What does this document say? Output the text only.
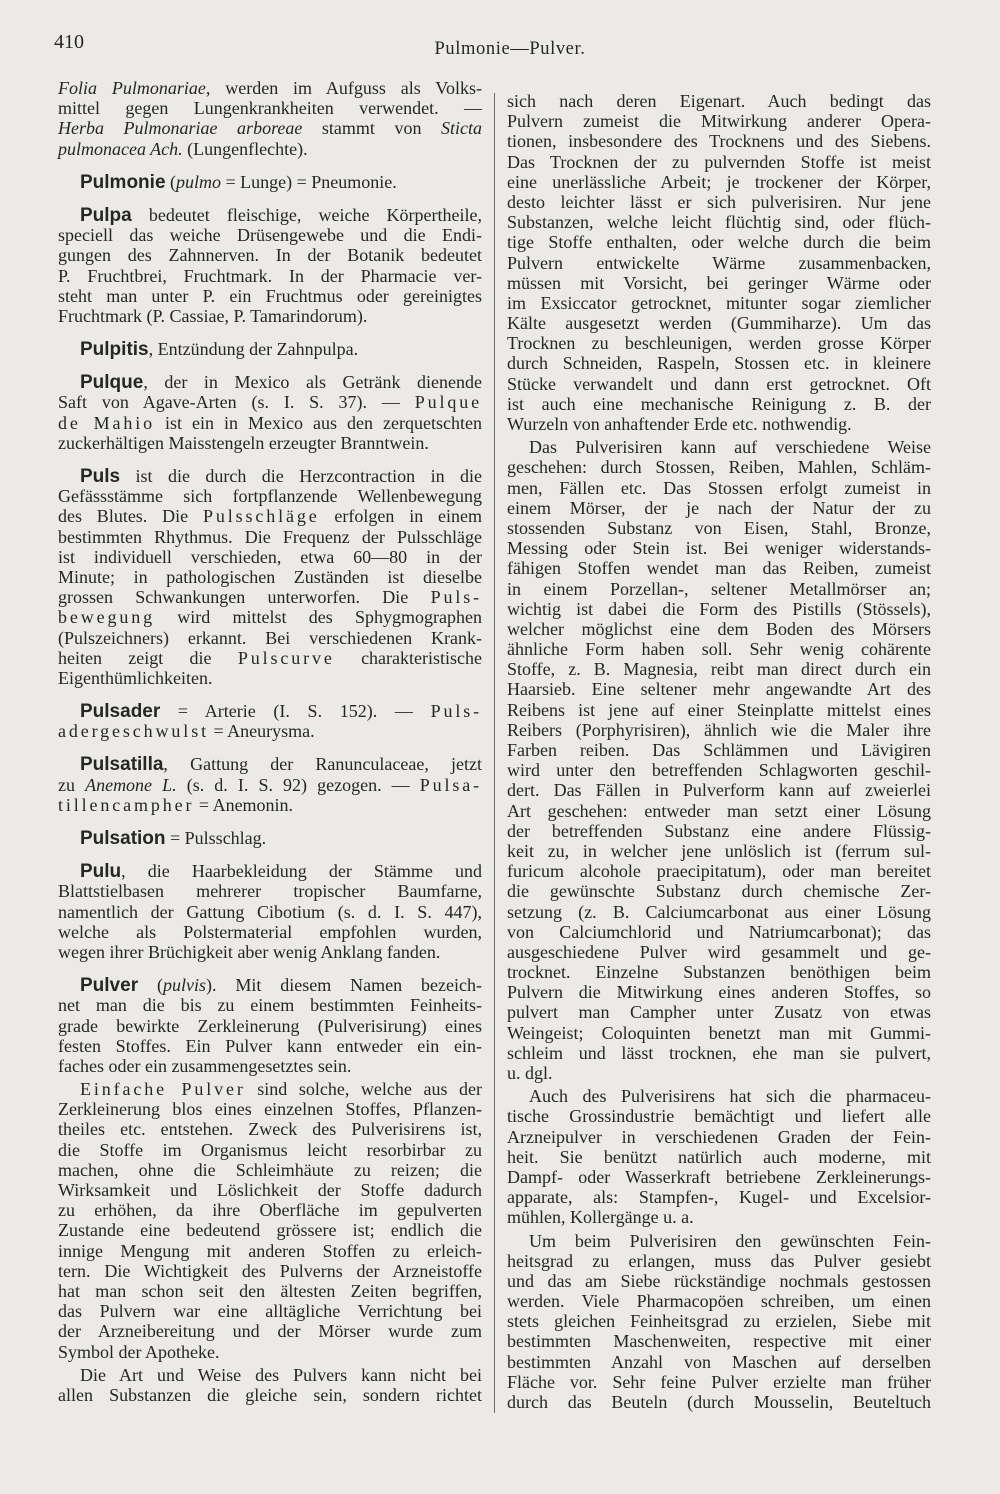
410	Pulmonie—Pulver.
Folia Pulmonariae, werden im Aufguss als Volks-
mittel gegen Lungenkrankheiten verwendet. —
Herba Pulmonariae arboreae stammt von Sticta
pulmonacea Ach. (Lungenflechte).
Pulmonie (pulmo = Lunge) = Pneumonie.
Pulpa bedeutet fleischige, weiche Körpertheile,
speciell das weiche Drüsengewebe und die Endi-
gungen des Zahnnerven. In der Botanik bedeutet
P. Fruchtbrei, Fruchtmark. In der Pharmacie ver-
steht man unter P. ein Fruchtmus oder gereinigtes
Fruchtmark (P. Cassiae, P. Tamarindorum).
Pulpitis, Entzündung der Zahnpulpa.
Pulque, der in Mexico als Getränk dienende
Saft von Agave-Arten (s. I. S. 37). — Pulque
de Mahio ist ein in Mexico aus den zerquetschten
zuckerhältigen Maisstengeln erzeugter Branntwein.
Puls ist die durch die Herzcontraction in die
Gefässstämme sich fortpflanzende Wellenbewegung
des Blutes. Die Pulsschläge erfolgen in einem
bestimmten Rhythmus. Die Frequenz der Pulsschläge
ist individuell verschieden, etwa 60—80 in der
Minute; in pathologischen Zuständen ist dieselbe
grossen Schwankungen unterworfen. Die Puls-
bewegung wird mittelst des Sphygmographen
(Pulszeichners) erkannt. Bei verschiedenen Krank-
heiten zeigt die Pulscurve charakteristische
Eigenthümlichkeiten.
Pulsader = Arterie (I. S. 152). — Puls-
adergeschwulst = Aneurysma.
Pulsatilla, Gattung der Ranunculaceae, jetzt
zu Anemone L. (s. d. I. S. 92) gezogen. — Pulsa-
tillencampher = Anemonin.
Pulsation = Pulsschlag.
Pulu, die Haarbekleidung der Stämme und
Blattstielbasen mehrerer tropischer Baumfarne,
namentlich der Gattung Cibotium (s. d. I. S. 447),
welche als Polstermaterial empfohlen wurden,
wegen ihrer Brüchigkeit aber wenig Anklang fanden.
Pulver (pulvis). Mit diesem Namen bezeich-
net man die bis zu einem bestimmten Feinheits-
grade bewirkte Zerkleinerung (Pulverisirung) eines
festen Stoffes. Ein Pulver kann entweder ein ein-
faches oder ein zusammengesetztes sein.
Einfache Pulver sind solche, welche aus der
Zerkleinerung blos eines einzelnen Stoffes, Pflanzen-
theiles etc. entstehen. Zweck des Pulverisirens ist,
die Stoffe im Organismus leicht resorbirbar zu
machen, ohne die Schleimhäute zu reizen; die
Wirksamkeit und Löslichkeit der Stoffe dadurch
zu erhöhen, da ihre Oberfläche im gepulverten
Zustande eine bedeutend grössere ist; endlich die
innige Mengung mit anderen Stoffen zu erleich-
tern. Die Wichtigkeit des Pulverns der Arzneistoffe
hat man schon seit den ältesten Zeiten begriffen,
das Pulvern war eine alltägliche Verrichtung bei
der Arzneibereitung und der Mörser wurde zum
Symbol der Apotheke.
Die Art und Weise des Pulvers kann nicht bei
allen Substanzen die gleiche sein, sondern richtet
sich nach deren Eigenart. Auch bedingt das
Pulvern zumeist die Mitwirkung anderer Opera-
tionen, insbesondere des Trocknens und des Siebens.
Das Trocknen der zu pulvernden Stoffe ist meist
eine unerlässliche Arbeit; je trockener der Körper,
desto leichter lässt er sich pulverisiren. Nur jene
Substanzen, welche leicht flüchtig sind, oder flüch-
tige Stoffe enthalten, oder welche durch die beim
Pulvern entwickelte Wärme zusammenbacken,
müssen mit Vorsicht, bei geringer Wärme oder
im Exsiccator getrocknet, mitunter sogar ziemlicher
Kälte ausgesetzt werden (Gummiharze). Um das
Trocknen zu beschleunigen, werden grosse Körper
durch Schneiden, Raspeln, Stossen etc. in kleinere
Stücke verwandelt und dann erst getrocknet. Oft
ist auch eine mechanische Reinigung z. B. der
Wurzeln von anhaftender Erde etc. nothwendig.
Das Pulverisiren kann auf verschiedene Weise
geschehen: durch Stossen, Reiben, Mahlen, Schläm-
men, Fällen etc. Das Stossen erfolgt zumeist in
einem Mörser, der je nach der Natur der zu
stossenden Substanz von Eisen, Stahl, Bronze,
Messing oder Stein ist. Bei weniger widerstands-
fähigen Stoffen wendet man das Reiben, zumeist
in einem Porzellan-, seltener Metallmörser an;
wichtig ist dabei die Form des Pistills (Stössels),
welcher möglichst eine dem Boden des Mörsers
ähnliche Form haben soll. Sehr wenig cohärente
Stoffe, z. B. Magnesia, reibt man direct durch ein
Haarsieb. Eine seltener mehr angewandte Art des
Reibens ist jene auf einer Steinplatte mittelst eines
Reibers (Porphyrisiren), ähnlich wie die Maler ihre
Farben reiben. Das Schlämmen und Lävigiren
wird unter den betreffenden Schlagworten geschil-
dert. Das Fällen in Pulverform kann auf zweierlei
Art geschehen: entweder man setzt einer Lösung
der betreffenden Substanz eine andere Flüssig-
keit zu, in welcher jene unlöslich ist (ferrum sul-
furicum alcohole praecipitatum), oder man bereitet
die gewünschte Substanz durch chemische Zer-
setzung (z. B. Calciumcarbonat aus einer Lösung
von Calciumchlorid und Natriumcarbonat); das
ausgeschiedene Pulver wird gesammelt und ge-
trocknet. Einzelne Substanzen benöthigen beim
Pulvern die Mitwirkung eines anderen Stoffes, so
pulvert man Campher unter Zusatz von etwas
Weingeist; Coloquinten benetzt man mit Gummi-
schleim und lässt trocknen, ehe man sie pulvert,
u. dgl.
Auch des Pulverisirens hat sich die pharmaceu-
tische Grossindustrie bemächtigt und liefert alle
Arzneipulver in verschiedenen Graden der Fein-
heit. Sie benützt natürlich auch moderne, mit
Dampf- oder Wasserkraft betriebene Zerkleinerungs-
apparate, als: Stampfen-, Kugel- und Excelsior-
mühlen, Kollergänge u. a.
Um beim Pulverisiren den gewünschten Fein-
heitsgrad zu erlangen, muss das Pulver gesiebt
und das am Siebe rückständige nochmals gestossen
werden. Viele Pharmacopöen schreiben, um einen
stets gleichen Feinheitsgrad zu erzielen, Siebe mit
bestimmten Maschenweiten, respective mit einer
bestimmten Anzahl von Maschen auf derselben
Fläche vor. Sehr feine Pulver erzielte man früher
durch das Beuteln (durch Mousselin, Beuteltuch
